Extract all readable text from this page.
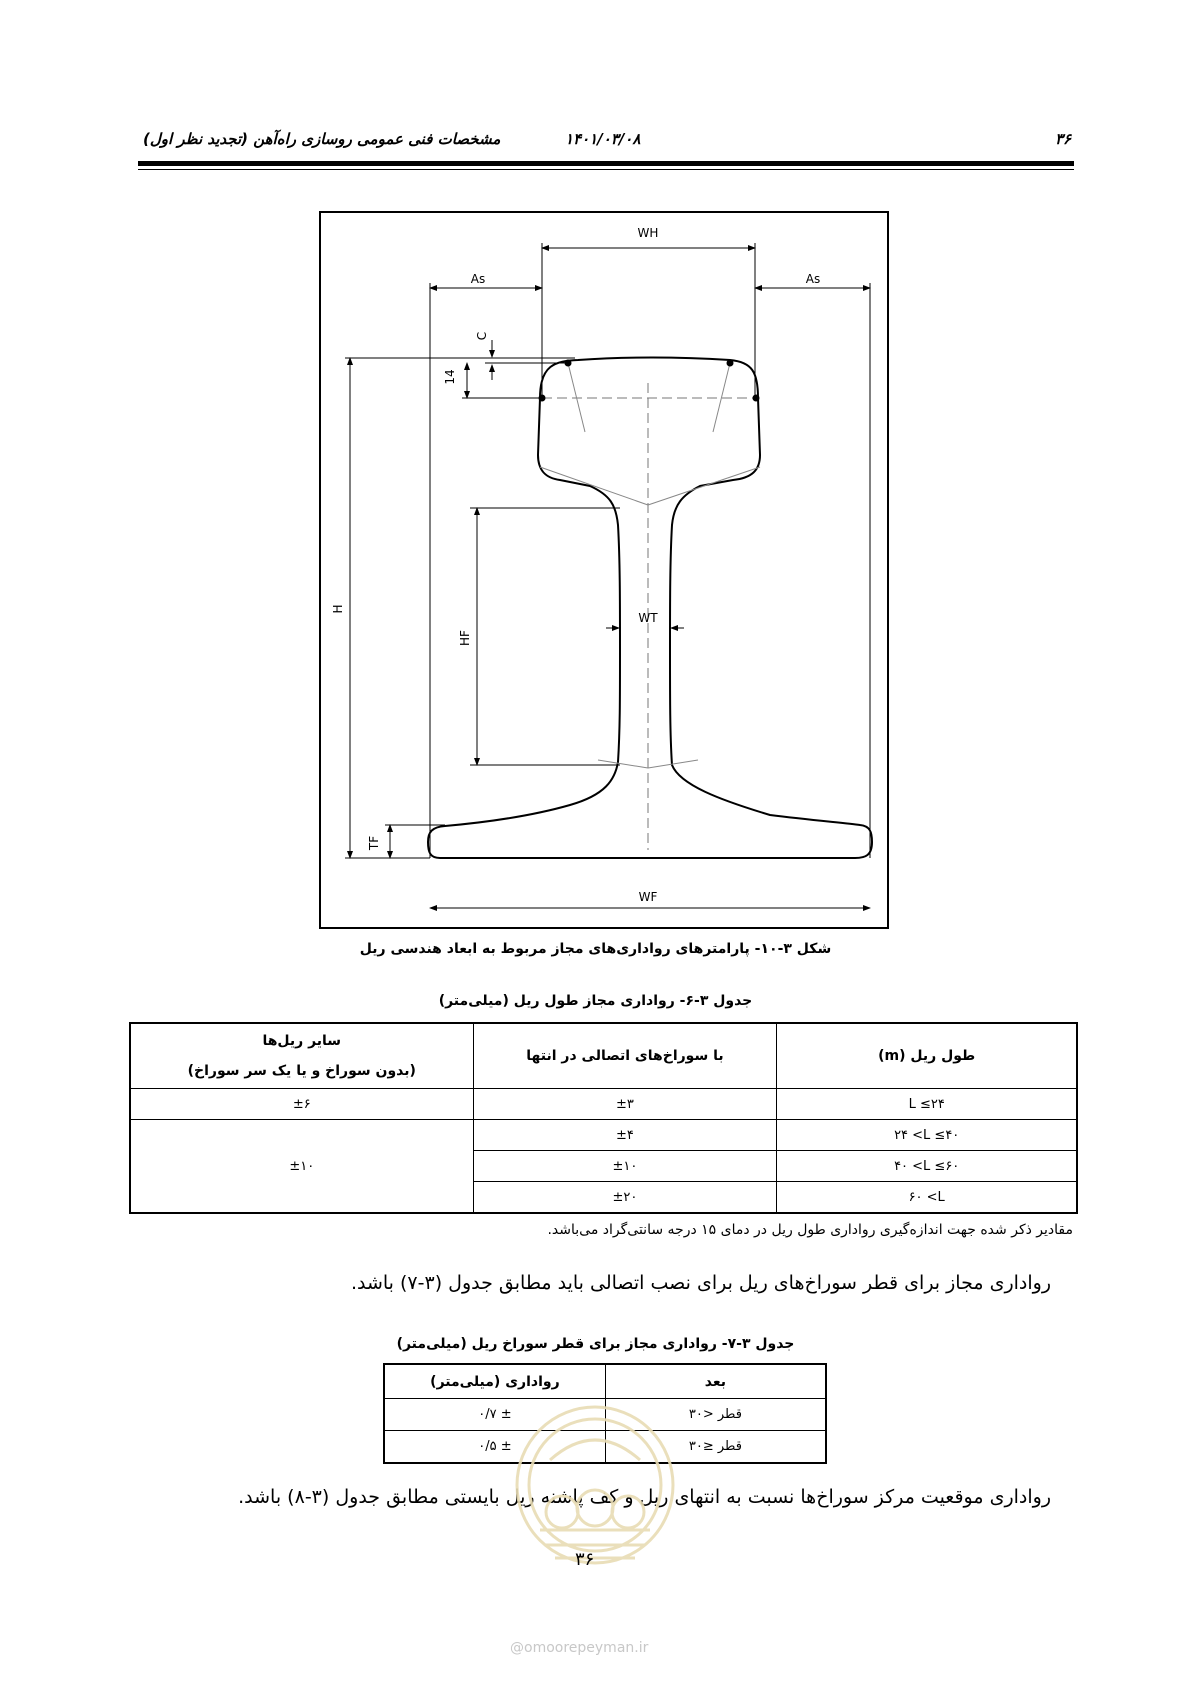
۳۶
۱۴۰۱/۰۳/۰۸
مشخصات فنی عمومی روسازی راه‌آهن (تجدید نظر اول)
WH
As	As
C
14
H
HF
WT
TF
WF
شکل ۳-۱۰- پارامترهای رواداری‌های مجاز مربوط به ابعاد هندسی ریل
جدول ۳-۶- رواداری مجاز طول ریل (میلی‌متر)
طول ریل (m)	با سوراخ‌های اتصالی در انتها	سایر ریل‌ها
(بدون سوراخ و یا یک سر سوراخ)

L ≤۲۴	±۳	±۶
۲۴ <L ≤۴۰	±۴	±۱۰
۴۰ <L ≤۶۰	±۱۰	
۶۰ <L	±۲۰	
مقادیر ذکر شده جهت اندازه‌گیری رواداری طول ریل در دمای ۱۵ درجه سانتی‌گراد می‌باشد.
رواداری مجاز برای قطر سوراخ‌های ریل برای نصب اتصالی باید مطابق جدول (۳-۷) باشد.
جدول ۳-۷- رواداری مجاز برای قطر سوراخ ریل (میلی‌متر)
بعد	رواداری (میلی‌متر)
قطر <۳۰	± ۰/۷
قطر ≤۳۰	± ۰/۵
رواداری موقعیت مرکز سوراخ‌ها نسبت به انتهای ریل و کف پاشنه ریل بایستی مطابق جدول (۳-۸) باشد.
۳۶
@omoorepeyman.ir
